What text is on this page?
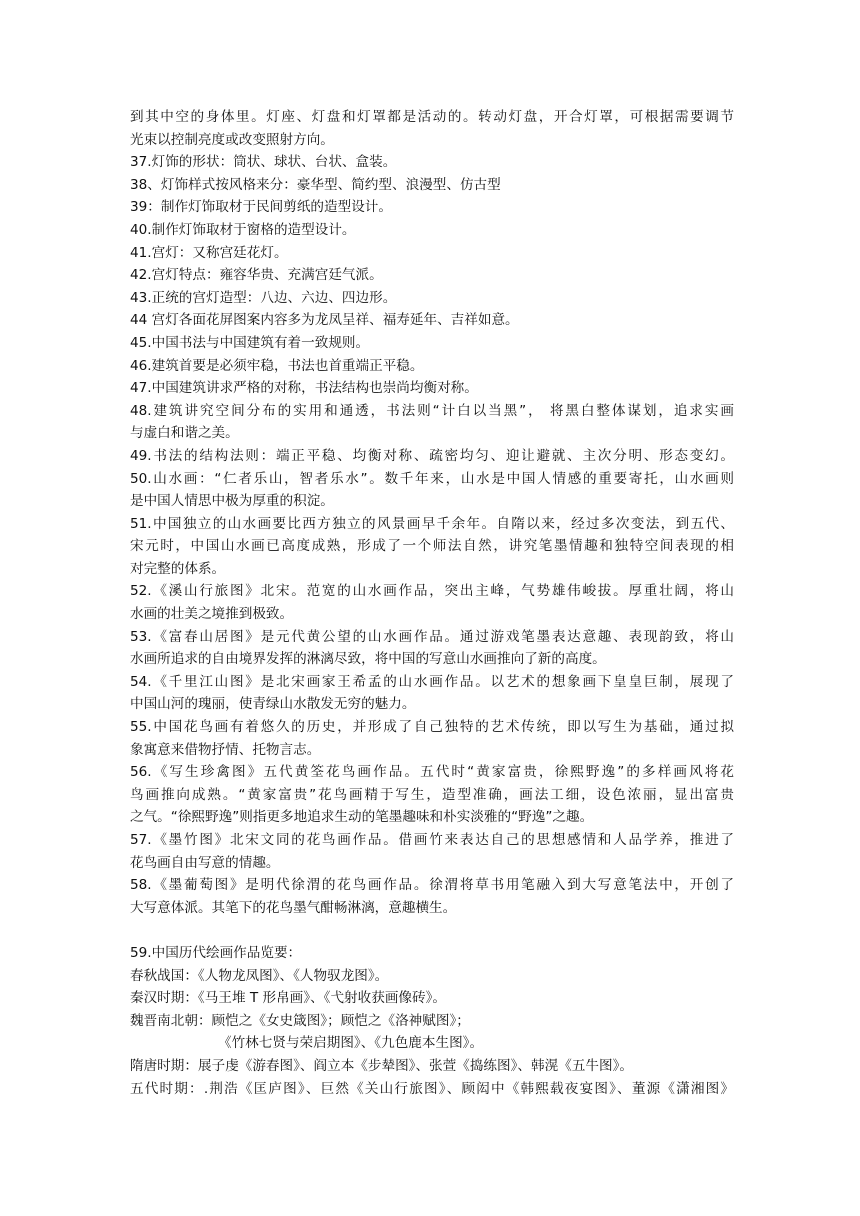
到其中空的身体里。灯座、灯盘和灯罩都是活动的。转动灯盘，开合灯罩，可根据需要调节
光束以控制亮度或改变照射方向。
37.灯饰的形状：筒状、球状、台状、盒装。
38、灯饰样式按风格来分：豪华型、简约型、浪漫型、仿古型
39：制作灯饰取材于民间剪纸的造型设计。
40.制作灯饰取材于窗格的造型设计。
41.宫灯：又称宫廷花灯。
42.宫灯特点：雍容华贵、充满宫廷气派。
43.正统的宫灯造型：八边、六边、四边形。
44 宫灯各面花屏图案内容多为龙凤呈祥、福寿延年、吉祥如意。
45.中国书法与中国建筑有着一致规则。
46.建筑首要是必须牢稳，书法也首重端正平稳。
47.中国建筑讲求严格的对称，书法结构也崇尚均衡对称。
48.建筑讲究空间分布的实用和通透，书法则“计白以当黑”， 将黑白整体谋划，追求实画
与虚白和谐之美。
49.书法的结构法则：端正平稳、均衡对称、疏密均匀、迎让避就、主次分明、形态变幻。
50.山水画：“仁者乐山，智者乐水”。数千年来，山水是中国人情感的重要寄托，山水画则
是中国人情思中极为厚重的积淀。
51.中国独立的山水画要比西方独立的风景画早千余年。自隋以来，经过多次变法，到五代、
宋元时，中国山水画已高度成熟，形成了一个师法自然，讲究笔墨情趣和独特空间表现的相
对完整的体系。
52.《溪山行旅图》北宋。范宽的山水画作品，突出主峰，气势雄伟峻拔。厚重壮阔，将山
水画的壮美之境推到极致。
53.《富春山居图》是元代黄公望的山水画作品。通过游戏笔墨表达意趣、表现韵致，将山
水画所追求的自由境界发挥的淋漓尽致，将中国的写意山水画推向了新的高度。
54.《千里江山图》是北宋画家王希孟的山水画作品。以艺术的想象画下皇皇巨制，展现了
中国山河的瑰丽，使青绿山水散发无穷的魅力。
55.中国花鸟画有着悠久的历史，并形成了自己独特的艺术传统，即以写生为基础，通过拟
象寓意来借物抒情、托物言志。
56.《写生珍禽图》五代黄筌花鸟画作品。五代时“黄家富贵，徐熙野逸”的多样画风将花
鸟画推向成熟。“黄家富贵”花鸟画精于写生，造型准确，画法工细，设色浓丽，显出富贵
之气。“徐熙野逸”则指更多地追求生动的笔墨趣味和朴实淡雅的“野逸”之趣。
57.《墨竹图》北宋文同的花鸟画作品。借画竹来表达自己的思想感情和人品学养，推进了
花鸟画自由写意的情趣。
58.《墨葡萄图》是明代徐渭的花鸟画作品。徐渭将草书用笔融入到大写意笔法中，开创了
大写意体派。其笔下的花鸟墨气酣畅淋漓，意趣横生。
59.中国历代绘画作品览要：
春秋战国：《人物龙凤图》、《人物驭龙图》。
秦汉时期：《马王堆 T 形帛画》、《弋射收获画像砖》。
魏晋南北朝：顾恺之《女史箴图》；顾恺之《洛神赋图》；
《竹林七贤与荣启期图》、《九色鹿本生图》。
隋唐时期：展子虔《游春图》、阎立本《步辇图》、张萱《捣练图》、韩滉《五牛图》。
五代时期：.荆浩《匡庐图》、巨然《关山行旅图》、顾闳中《韩熙载夜宴图》、董源《潇湘图》
